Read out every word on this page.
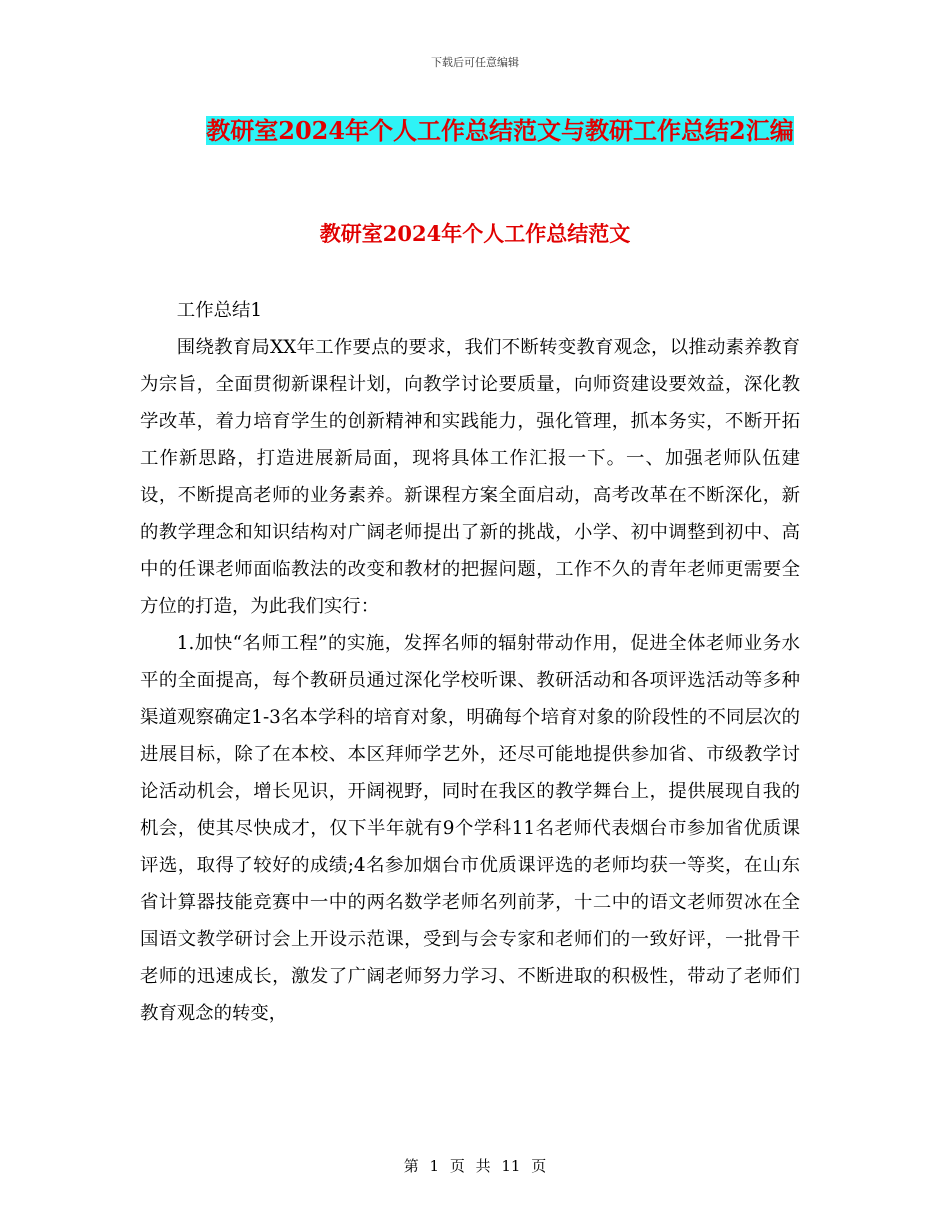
下载后可任意编辑
教研室2024年个人工作总结范文与教研工作总结2汇编
教研室2024年个人工作总结范文

工作总结1

围绕教育局XX年工作要点的要求，我们不断转变教育观念，以推动素养教育为宗旨，全面贯彻新课程计划，向教学讨论要质量，向师资建设要效益，深化教学改革，着力培育学生的创新精神和实践能力，强化管理，抓本务实，不断开拓工作新思路，打造进展新局面，现将具体工作汇报一下。一、加强老师队伍建设，不断提高老师的业务素养。新课程方案全面启动，高考改革在不断深化，新的教学理念和知识结构对广阔老师提出了新的挑战，小学、初中调整到初中、高中的任课老师面临教法的改变和教材的把握问题，工作不久的青年老师更需要全方位的打造，为此我们实行：

1.加快“名师工程”的实施，发挥名师的辐射带动作用，促进全体老师业务水平的全面提高，每个教研员通过深化学校听课、教研活动和各项评选活动等多种渠道观察确定1-3名本学科的培育对象，明确每个培育对象的阶段性的不同层次的进展目标，除了在本校、本区拜师学艺外，还尽可能地提供参加省、市级教学讨论活动机会，增长见识，开阔视野，同时在我区的教学舞台上，提供展现自我的机会，使其尽快成才，仅下半年就有9个学科11名老师代表烟台市参加省优质课评选，取得了较好的成绩;4名参加烟台市优质课评选的老师均获一等奖，在山东省计算器技能竞赛中一中的两名数学老师名列前茅，十二中的语文老师贺冰在全国语文教学研讨会上开设示范课，受到与会专家和老师们的一致好评，一批骨干老师的迅速成长，激发了广阔老师努力学习、不断进取的积极性，带动了老师们教育观念的转变，

第 1 页 共 11 页
